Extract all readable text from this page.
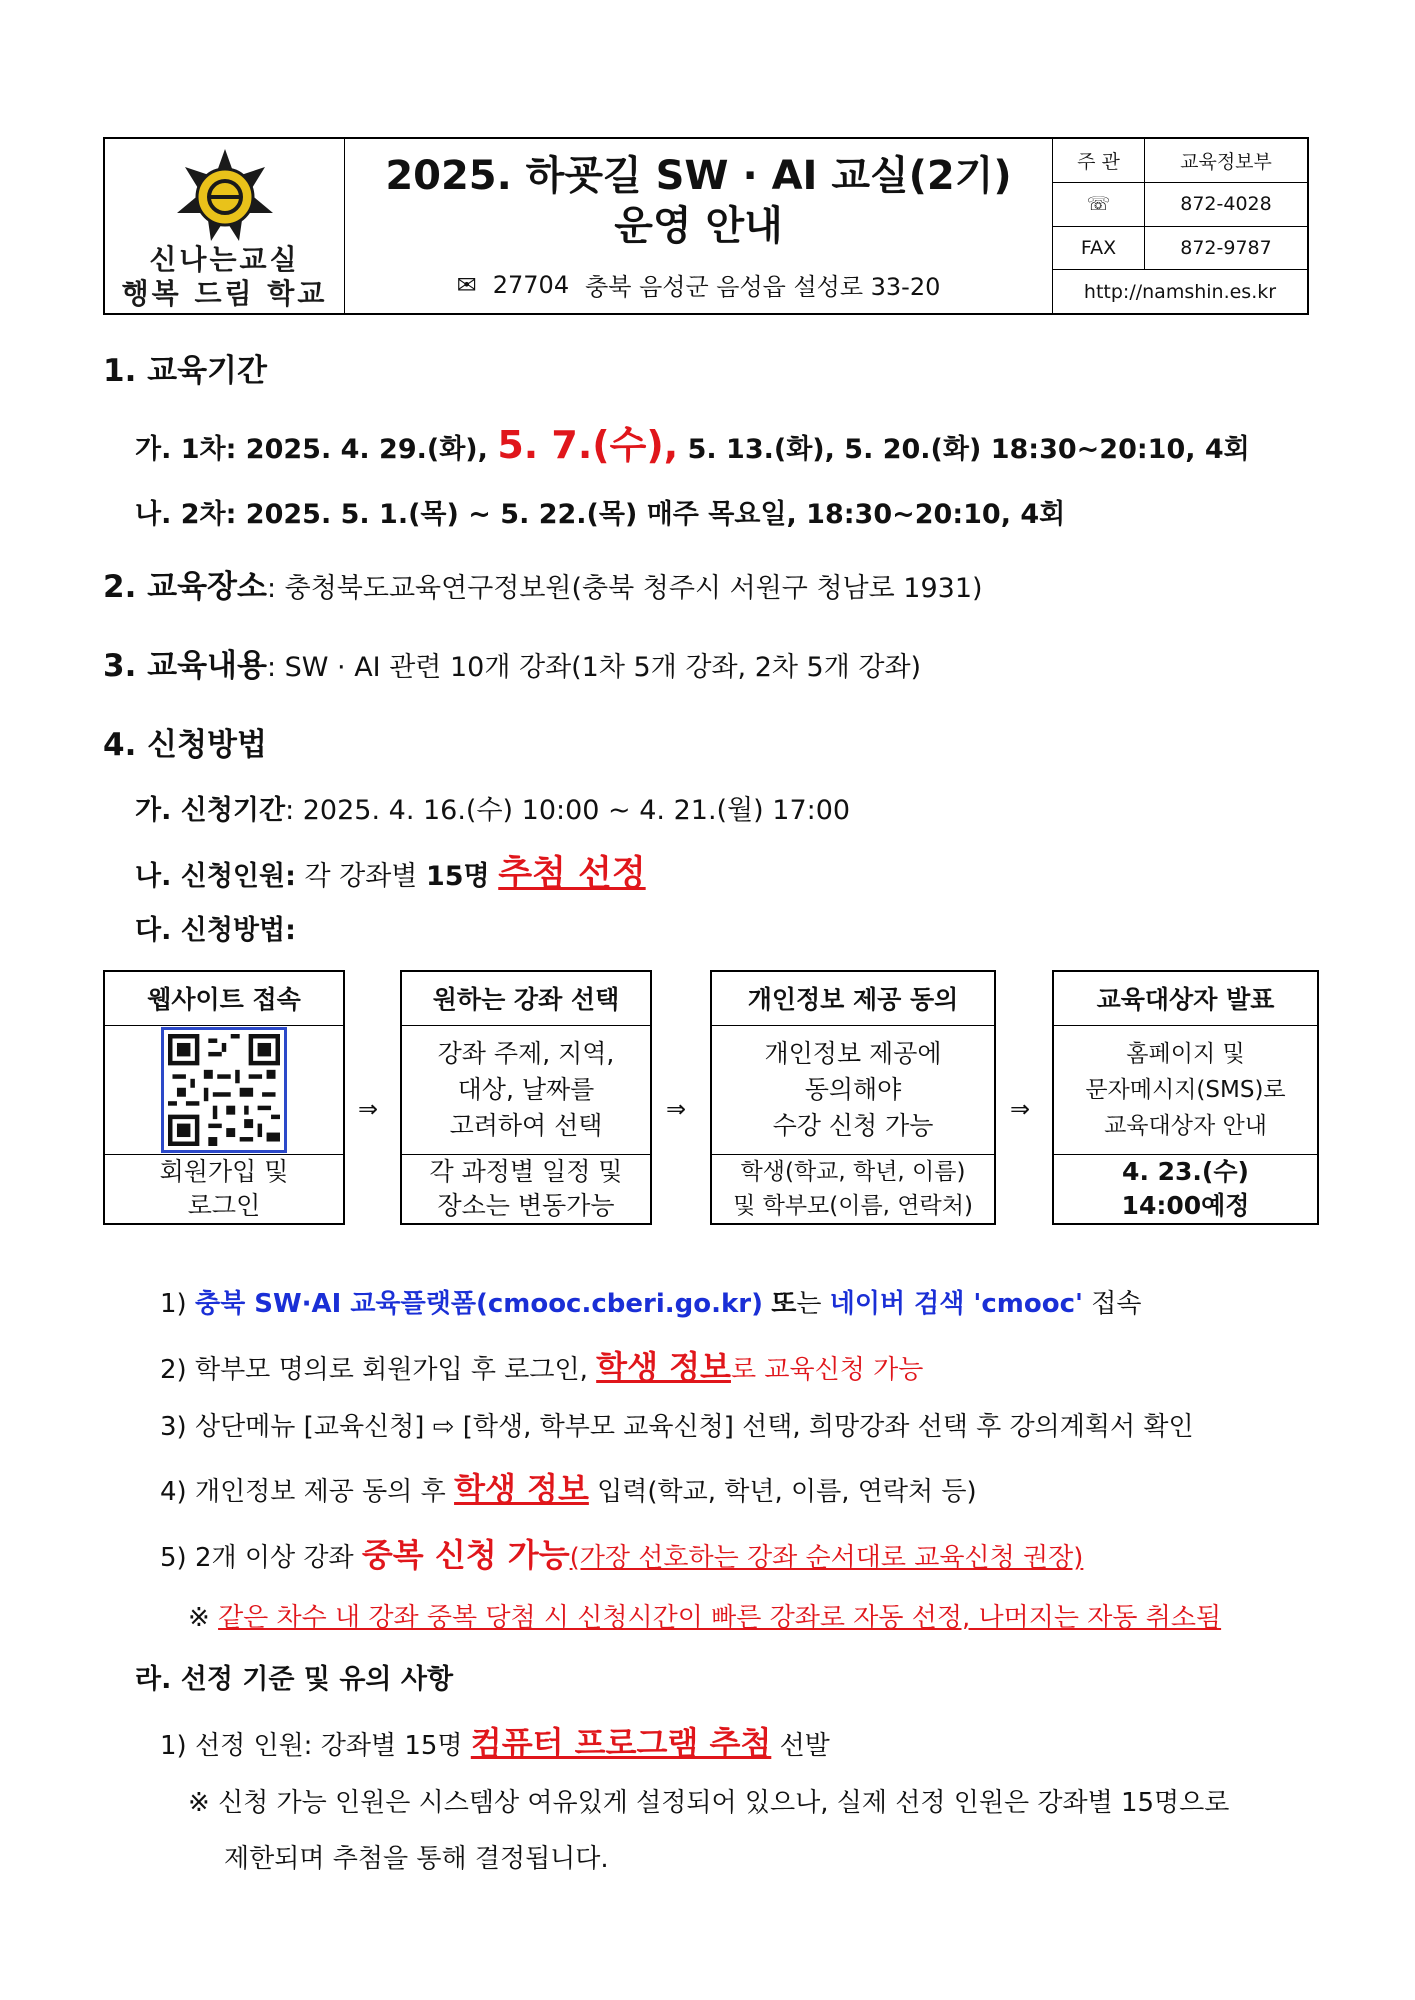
신나는교실
행복 드림 학교
2025. 하굣길 SW · AI 교실(2기)
운영 안내
✉ 27704 충북 음성군 음성읍 설성로 33-20
주 관	교육정보부
☏	872-4028
FAX	872-9787
http://namshin.es.kr
1. 교육기간
가. 1차: 2025. 4. 29.(화), 5. 7.(수), 5. 13.(화), 5. 20.(화) 18:30~20:10, 4회
나. 2차: 2025. 5. 1.(목) ~ 5. 22.(목) 매주 목요일, 18:30~20:10, 4회
2. 교육장소: 충청북도교육연구정보원(충북 청주시 서원구 청남로 1931)
3. 교육내용: SW · AI 관련 10개 강좌(1차 5개 강좌, 2차 5개 강좌)
4. 신청방법
가. 신청기간: 2025. 4. 16.(수) 10:00 ~ 4. 21.(월) 17:00
나. 신청인원: 각 강좌별 15명 추첨 선정
다. 신청방법:
웹사이트 접속
회원가입 및
로그인
⇒
원하는 강좌 선택
강좌 주제, 지역,
대상, 날짜를
고려하여 선택
각 과정별 일정 및
장소는 변동가능
⇒
개인정보 제공 동의
개인정보 제공에
동의해야
수강 신청 가능
학생(학교, 학년, 이름)
및 학부모(이름, 연락처)
⇒
교육대상자 발표
홈페이지 및
문자메시지(SMS)로
교육대상자 안내
4. 23.(수)
14:00예정
1) 충북 SW·AI 교육플랫폼(cmooc.cberi.go.kr) 또는 네이버 검색 'cmooc' 접속
2) 학부모 명의로 회원가입 후 로그인, 학생 정보로 교육신청 가능
3) 상단메뉴 [교육신청] ⇨ [학생, 학부모 교육신청] 선택, 희망강좌 선택 후 강의계획서 확인
4) 개인정보 제공 동의 후 학생 정보 입력(학교, 학년, 이름, 연락처 등)
5) 2개 이상 강좌 중복 신청 가능(가장 선호하는 강좌 순서대로 교육신청 권장)
※ 같은 차수 내 강좌 중복 당첨 시 신청시간이 빠른 강좌로 자동 선정, 나머지는 자동 취소됨
라. 선정 기준 및 유의 사항
1) 선정 인원: 강좌별 15명 컴퓨터 프로그램 추첨 선발
※ 신청 가능 인원은 시스템상 여유있게 설정되어 있으나, 실제 선정 인원은 강좌별 15명으로
제한되며 추첨을 통해 결정됩니다.
